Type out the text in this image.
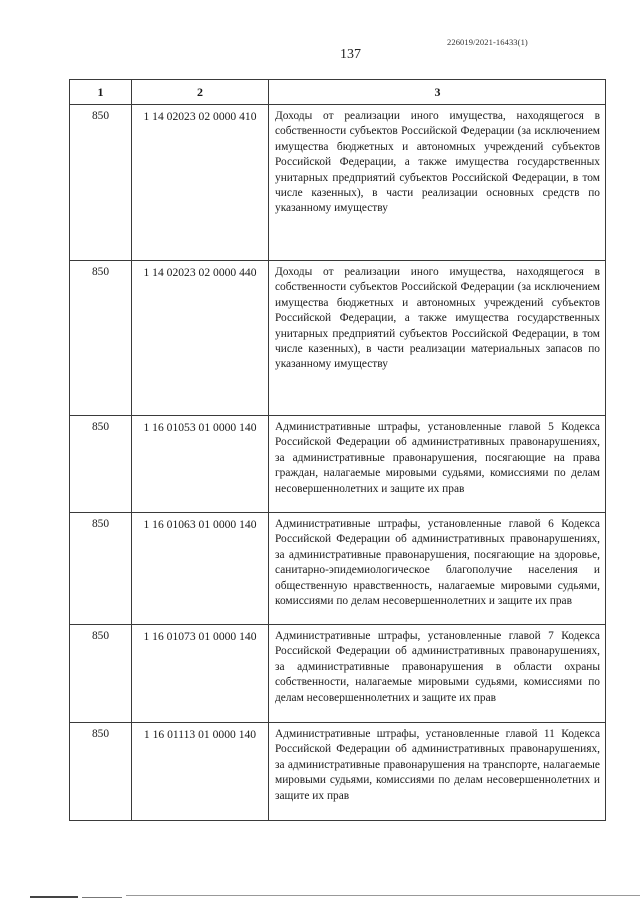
226019/2021-16433(1)
137
1	2	3
850	1 14 02023 02 0000 410	Доходы от реализации иного имущества, находящегося в собственности субъектов Российской Федерации (за исключением имущества бюджетных и автономных учреждений субъектов Российской Федерации, а также имущества государственных унитарных предприятий субъектов Российской Федерации, в том числе казенных), в части реализации основных средств по указанному имуществу
850	1 14 02023 02 0000 440	Доходы от реализации иного имущества, находящегося в собственности субъектов Российской Федерации (за исключением имущества бюджетных и автономных учреждений субъектов Российской Федерации, а также имущества государственных унитарных предприятий субъектов Российской Федерации, в том числе казенных), в части реализации материальных запасов по указанному имуществу
850	1 16 01053 01 0000 140	Административные штрафы, установленные главой 5 Кодекса Российской Федерации об административных правонарушениях, за административные правонарушения, посягающие на права граждан, налагаемые мировыми судьями, комиссиями по делам несовершеннолетних и защите их прав
850	1 16 01063 01 0000 140	Административные штрафы, установленные главой 6 Кодекса Российской Федерации об административных правонарушениях, за административные правонарушения, посягающие на здоровье, санитарно-эпидемиологическое благополучие населения и общественную нравственность, налагаемые мировыми судьями, комиссиями по делам несовершеннолетних и защите их прав
850	1 16 01073 01 0000 140	Административные штрафы, установленные главой 7 Кодекса Российской Федерации об административных правонарушениях, за административные правонарушения в области охраны собственности, налагаемые мировыми судьями, комиссиями по делам несовершеннолетних и защите их прав
850	1 16 01113 01 0000 140	Административные штрафы, установленные главой 11 Кодекса Российской Федерации об административных правонарушениях, за административные правонарушения на транспорте, налагаемые мировыми судьями, комиссиями по делам несовершеннолетних и защите их прав
